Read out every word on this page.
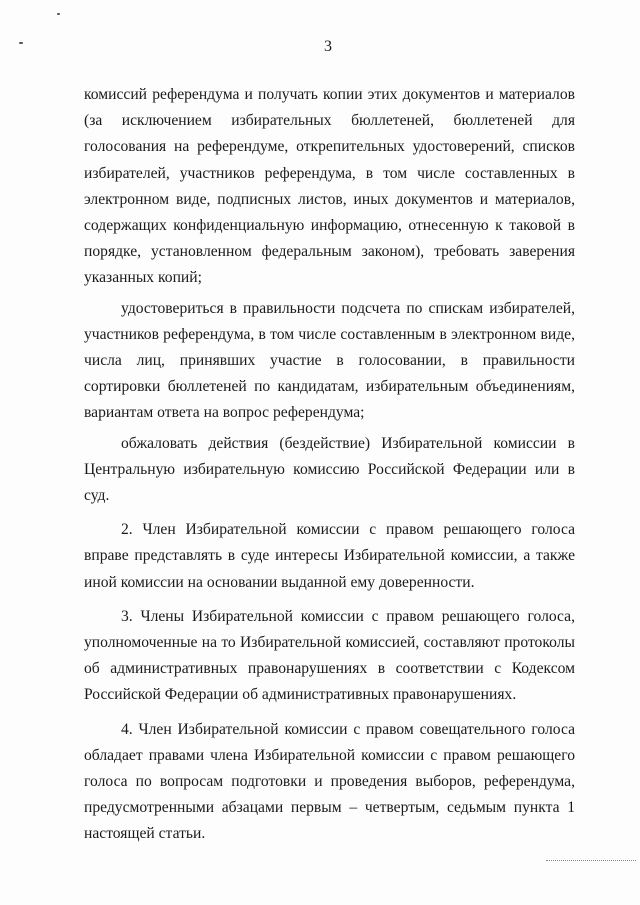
3

комиссий референдума и получать копии этих документов и материалов (за исключением избирательных бюллетеней, бюллетеней для голосования на референдуме, открепительных удостоверений, списков избирателей, участников референдума, в том числе составленных в электронном виде, подписных листов, иных документов и материалов, содержащих конфиденциальную информацию, отнесенную к таковой в порядке, установленном федеральным законом), требовать заверения указанных копий;

удостовериться в правильности подсчета по спискам избирателей, участников референдума, в том числе составленным в электронном виде, числа лиц, принявших участие в голосовании, в правильности сортировки бюллетеней по кандидатам, избирательным объединениям, вариантам ответа на вопрос референдума;

обжаловать действия (бездействие) Избирательной комиссии в Центральную избирательную комиссию Российской Федерации или в суд.

2. Член Избирательной комиссии с правом решающего голоса вправе представлять в суде интересы Избирательной комиссии, а также иной комиссии на основании выданной ему доверенности.

3. Члены Избирательной комиссии с правом решающего голоса, уполномоченные на то Избирательной комиссией, составляют протоколы об административных правонарушениях в соответствии с Кодексом Российской Федерации об административных правонарушениях.

4. Член Избирательной комиссии с правом совещательного голоса обладает правами члена Избирательной комиссии с правом решающего голоса по вопросам подготовки и проведения выборов, референдума, предусмотренными абзацами первым – четвертым, седьмым пункта 1 настоящей статьи.
